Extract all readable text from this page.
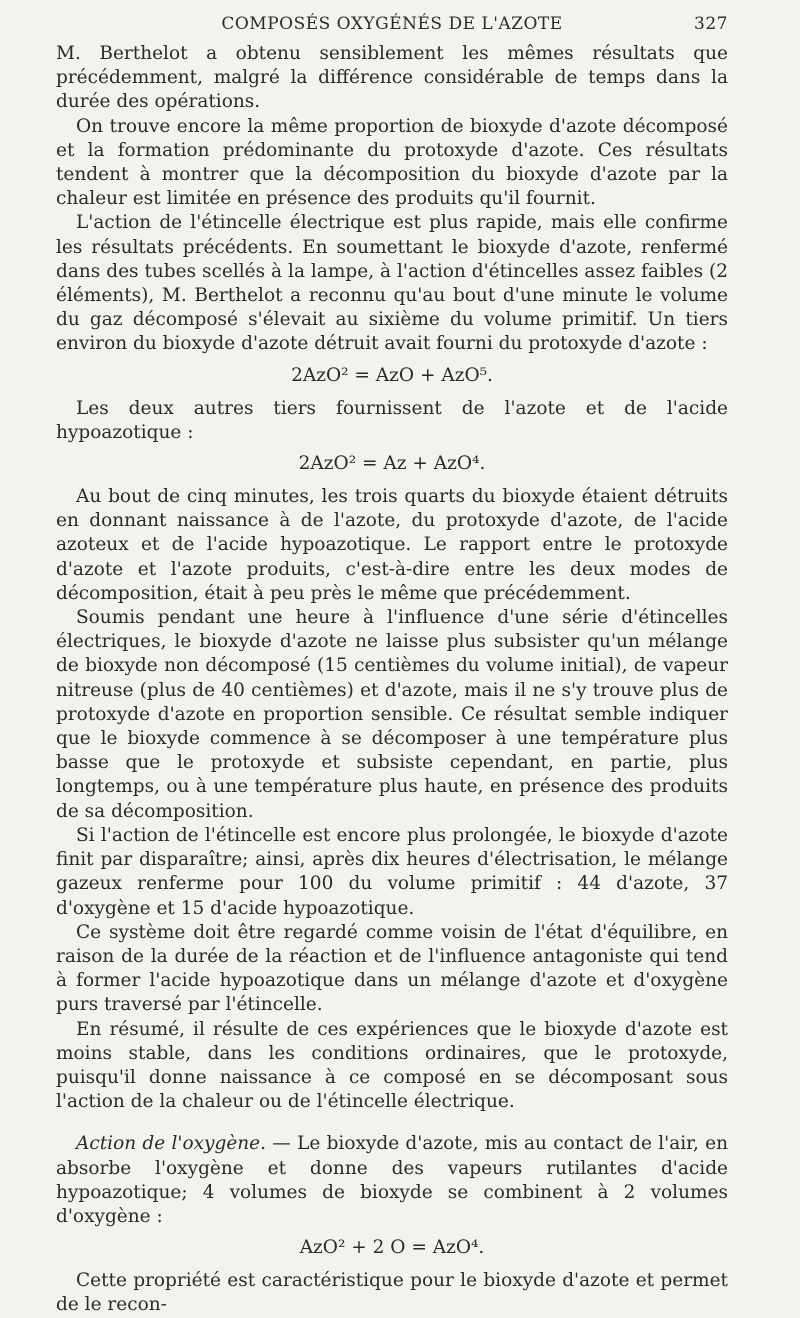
COMPOSÉS OXYGÉNÉS DE L'AZOTE	327

M. Berthelot a obtenu sensiblement les mêmes résultats que précédemment, malgré la différence considérable de temps dans la durée des opérations.

On trouve encore la même proportion de bioxyde d'azote décomposé et la formation prédominante du protoxyde d'azote. Ces résultats tendent à montrer que la décomposition du bioxyde d'azote par la chaleur est limitée en présence des produits qu'il fournit.

L'action de l'étincelle électrique est plus rapide, mais elle confirme les résultats précédents. En soumettant le bioxyde d'azote, renfermé dans des tubes scellés à la lampe, à l'action d'étincelles assez faibles (2 éléments), M. Berthelot a reconnu qu'au bout d'une minute le volume du gaz décomposé s'élevait au sixième du volume primitif. Un tiers environ du bioxyde d'azote détruit avait fourni du protoxyde d'azote :

2AzO² = AzO + AzO⁵.

Les deux autres tiers fournissent de l'azote et de l'acide hypoazotique :

2AzO² = Az + AzO⁴.

Au bout de cinq minutes, les trois quarts du bioxyde étaient détruits en donnant naissance à de l'azote, du protoxyde d'azote, de l'acide azoteux et de l'acide hypoazotique. Le rapport entre le protoxyde d'azote et l'azote produits, c'est-à-dire entre les deux modes de décomposition, était à peu près le même que précédemment.

Soumis pendant une heure à l'influence d'une série d'étincelles électriques, le bioxyde d'azote ne laisse plus subsister qu'un mélange de bioxyde non décomposé (15 centièmes du volume initial), de vapeur nitreuse (plus de 40 centièmes) et d'azote, mais il ne s'y trouve plus de protoxyde d'azote en proportion sensible. Ce résultat semble indiquer que le bioxyde commence à se décomposer à une température plus basse que le protoxyde et subsiste cependant, en partie, plus longtemps, ou à une température plus haute, en présence des produits de sa décomposition.

Si l'action de l'étincelle est encore plus prolongée, le bioxyde d'azote finit par disparaître; ainsi, après dix heures d'électrisation, le mélange gazeux renferme pour 100 du volume primitif : 44 d'azote, 37 d'oxygène et 15 d'acide hypoazotique.

Ce système doit être regardé comme voisin de l'état d'équilibre, en raison de la durée de la réaction et de l'influence antagoniste qui tend à former l'acide hypoazotique dans un mélange d'azote et d'oxygène purs traversé par l'étincelle.

En résumé, il résulte de ces expériences que le bioxyde d'azote est moins stable, dans les conditions ordinaires, que le protoxyde, puisqu'il donne naissance à ce composé en se décomposant sous l'action de la chaleur ou de l'étincelle électrique.

Action de l'oxygène. — Le bioxyde d'azote, mis au contact de l'air, en absorbe l'oxygène et donne des vapeurs rutilantes d'acide hypoazotique; 4 volumes de bioxyde se combinent à 2 volumes d'oxygène :

AzO² + 2 O = AzO⁴.

Cette propriété est caractéristique pour le bioxyde d'azote et permet de le recon-
